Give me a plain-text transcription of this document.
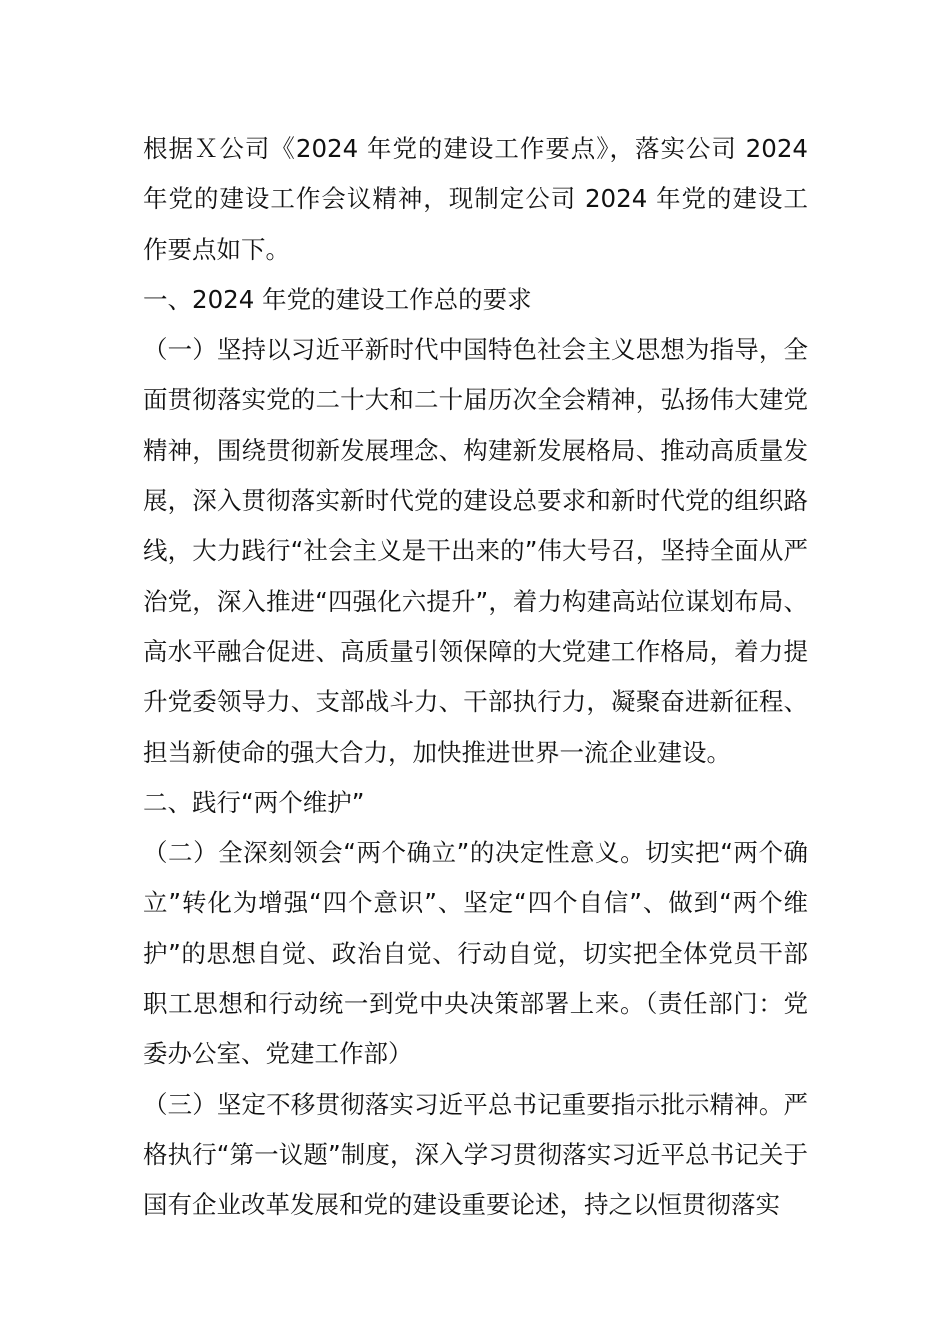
根据Ｘ公司《2024 年党的建设工作要点》，落实公司 2024 年党的建设工作会议精神，现制定公司 2024 年党的建设工作要点如下。

一、2024 年党的建设工作总的要求

（一）坚持以习近平新时代中国特色社会主义思想为指导，全面贯彻落实党的二十大和二十届历次全会精神，弘扬伟大建党精神，围绕贯彻新发展理念、构建新发展格局、推动高质量发展，深入贯彻落实新时代党的建设总要求和新时代党的组织路线，大力践行“社会主义是干出来的”伟大号召，坚持全面从严治党，深入推进“四强化六提升”，着力构建高站位谋划布局、高水平融合促进、高质量引领保障的大党建工作格局，着力提升党委领导力、支部战斗力、干部执行力，凝聚奋进新征程、担当新使命的强大合力，加快推进世界一流企业建设。

二、践行“两个维护”

（二）全深刻领会“两个确立”的决定性意义。切实把“两个确立”转化为增强“四个意识”、坚定“四个自信”、做到“两个维护”的思想自觉、政治自觉、行动自觉，切实把全体党员干部职工思想和行动统一到党中央决策部署上来。（责任部门：党委办公室、党建工作部）

（三）坚定不移贯彻落实习近平总书记重要指示批示精神。严格执行“第一议题”制度，深入学习贯彻落实习近平总书记关于国有企业改革发展和党的建设重要论述，持之以恒贯彻落实
